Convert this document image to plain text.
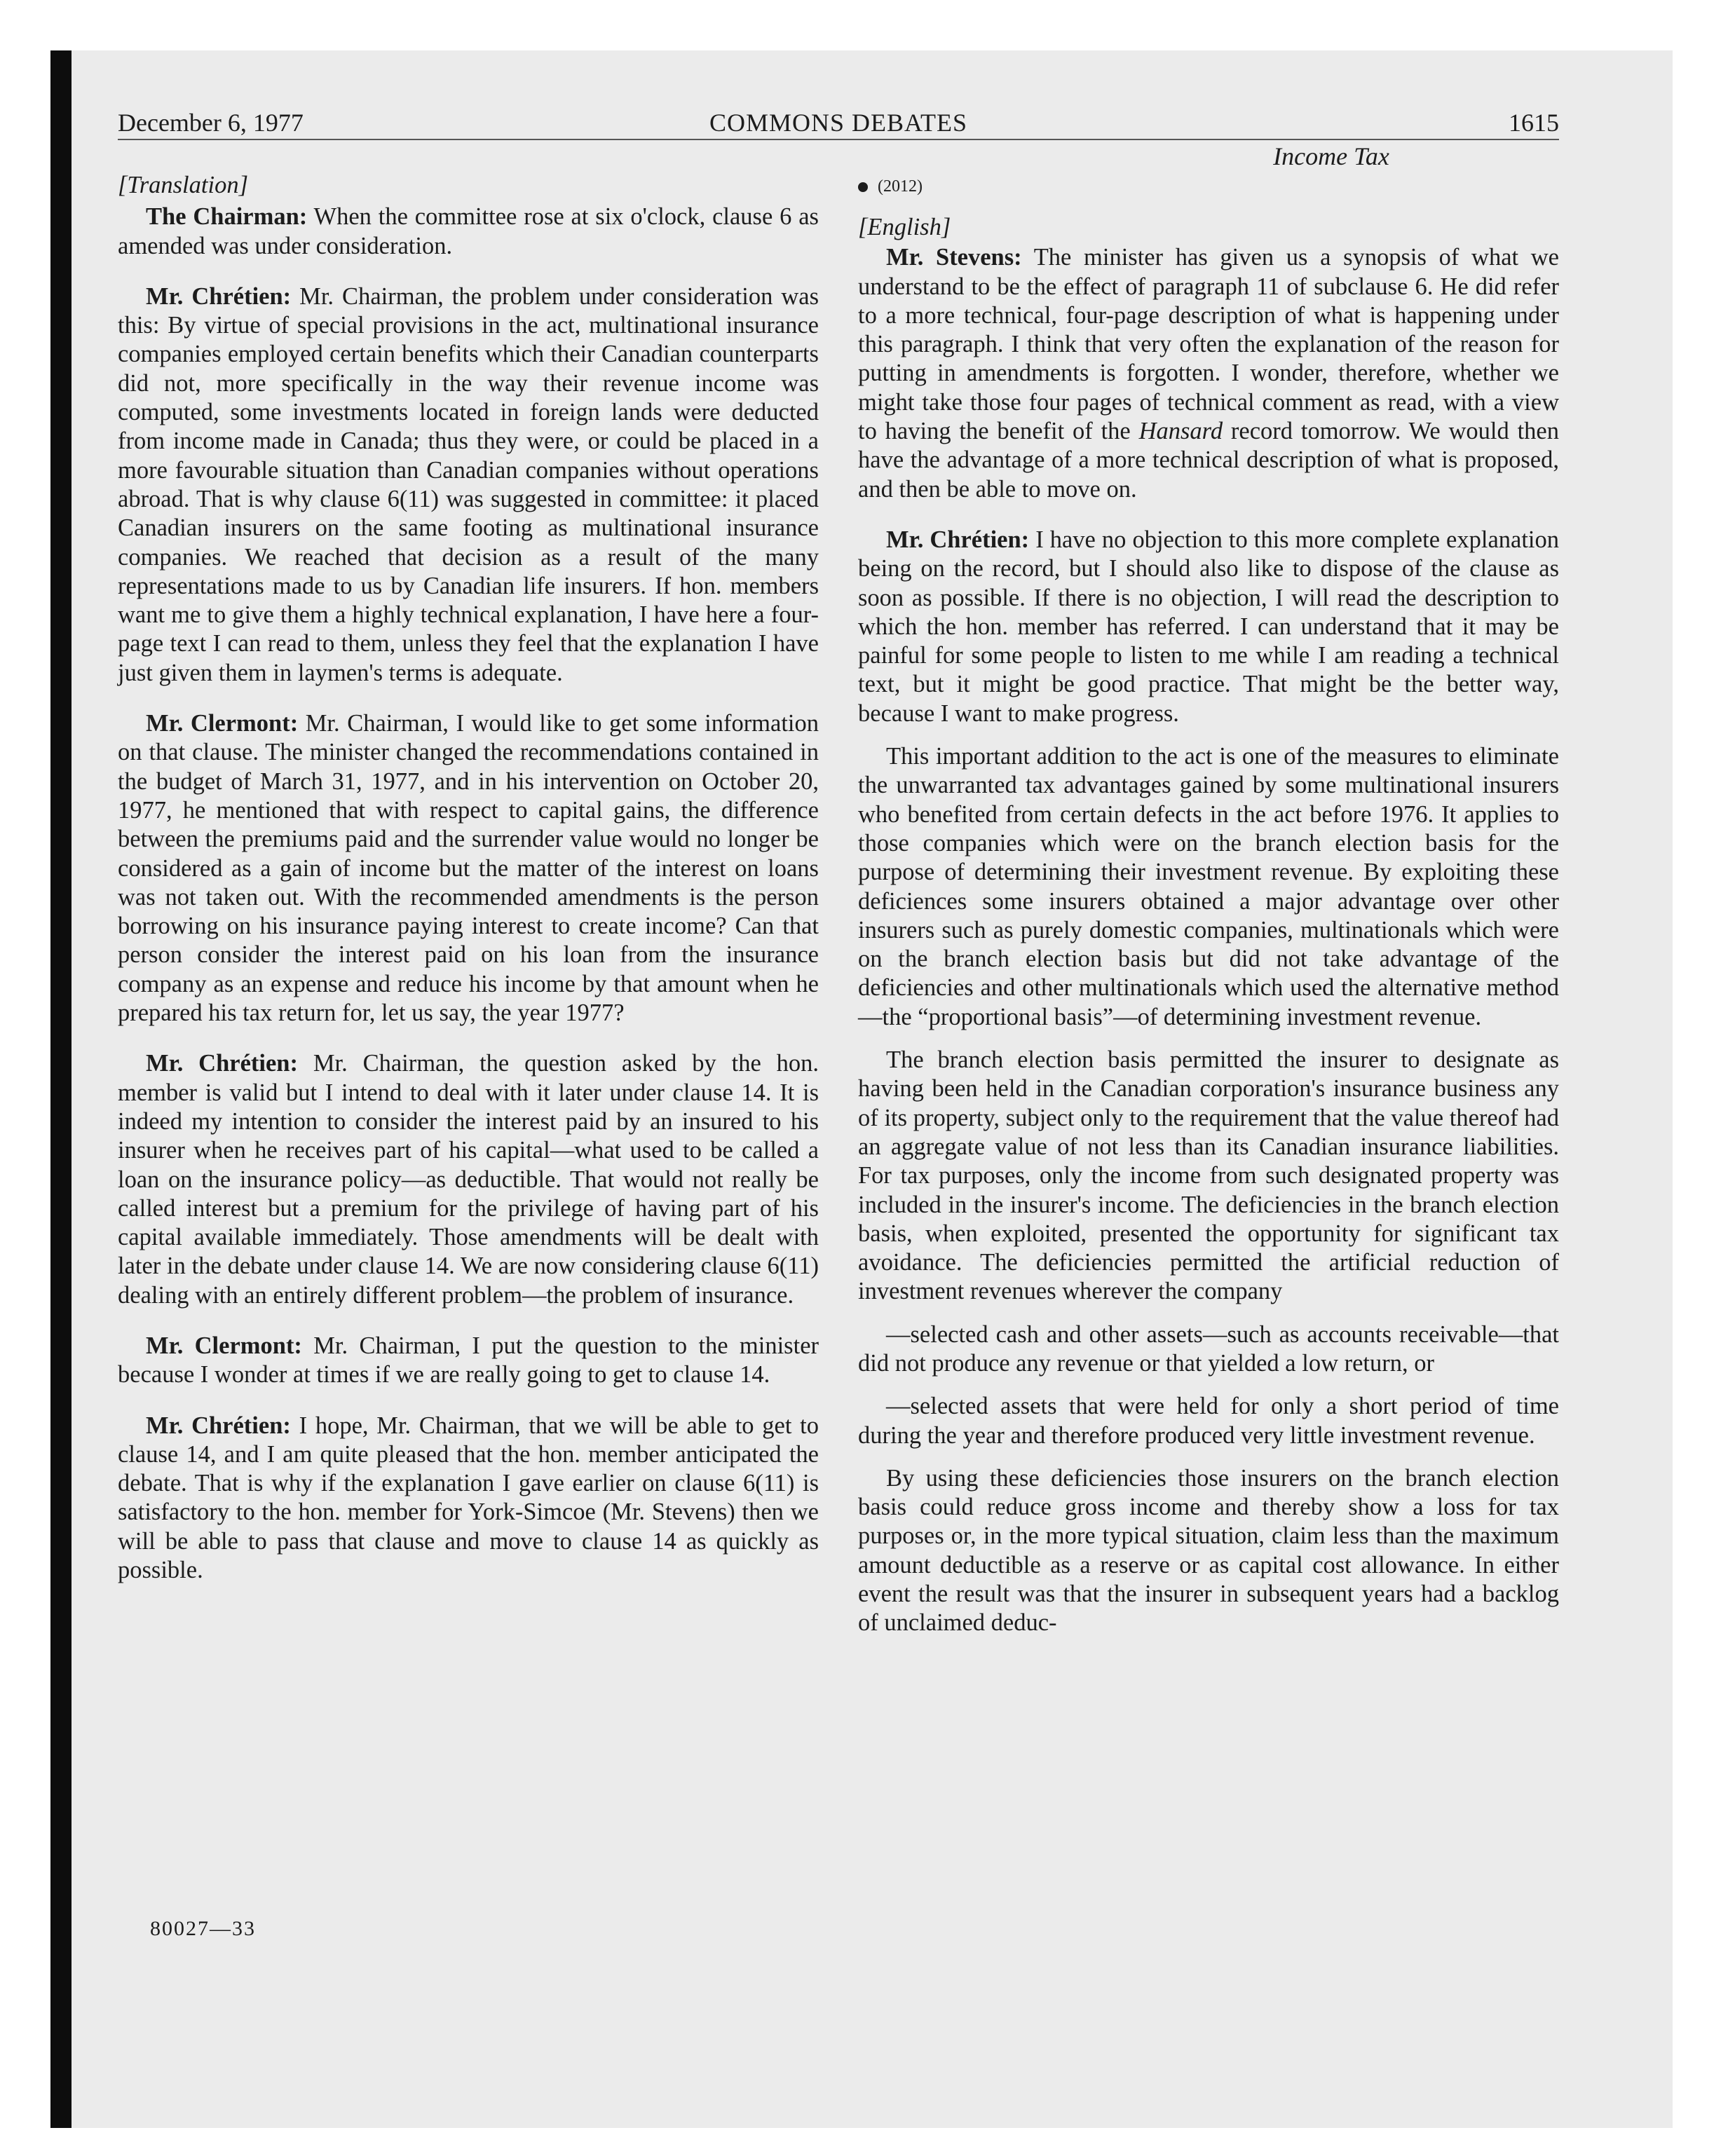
December 6, 1977	COMMONS DEBATES	1615

[Translation]

The Chairman: When the committee rose at six o'clock, clause 6 as amended was under consideration.

Mr. Chrétien: Mr. Chairman, the problem under consideration was this: By virtue of special provisions in the act, multinational insurance companies employed certain benefits which their Canadian counterparts did not, more specifically in the way their revenue income was computed, some investments located in foreign lands were deducted from income made in Canada; thus they were, or could be placed in a more favourable situation than Canadian companies without operations abroad. That is why clause 6(11) was suggested in committee: it placed Canadian insurers on the same footing as multinational insurance companies. We reached that decision as a result of the many representations made to us by Canadian life insurers. If hon. members want me to give them a highly technical explanation, I have here a four-page text I can read to them, unless they feel that the explanation I have just given them in laymen's terms is adequate.

Mr. Clermont: Mr. Chairman, I would like to get some information on that clause. The minister changed the recommendations contained in the budget of March 31, 1977, and in his intervention on October 20, 1977, he mentioned that with respect to capital gains, the difference between the premiums paid and the surrender value would no longer be considered as a gain of income but the matter of the interest on loans was not taken out. With the recommended amendments is the person borrowing on his insurance paying interest to create income? Can that person consider the interest paid on his loan from the insurance company as an expense and reduce his income by that amount when he prepared his tax return for, let us say, the year 1977?

Mr. Chrétien: Mr. Chairman, the question asked by the hon. member is valid but I intend to deal with it later under clause 14. It is indeed my intention to consider the interest paid by an insured to his insurer when he receives part of his capital—what used to be called a loan on the insurance policy—as deductible. That would not really be called interest but a premium for the privilege of having part of his capital available immediately. Those amendments will be dealt with later in the debate under clause 14. We are now considering clause 6(11) dealing with an entirely different problem—the problem of insurance.

Mr. Clermont: Mr. Chairman, I put the question to the minister because I wonder at times if we are really going to get to clause 14.

Mr. Chrétien: I hope, Mr. Chairman, that we will be able to get to clause 14, and I am quite pleased that the hon. member anticipated the debate. That is why if the explanation I gave earlier on clause 6(11) is satisfactory to the hon. member for York-Simcoe (Mr. Stevens) then we will be able to pass that clause and move to clause 14 as quickly as possible.

Income Tax

(2012)

[English]

Mr. Stevens: The minister has given us a synopsis of what we understand to be the effect of paragraph 11 of subclause 6. He did refer to a more technical, four-page description of what is happening under this paragraph. I think that very often the explanation of the reason for putting in amendments is forgotten. I wonder, therefore, whether we might take those four pages of technical comment as read, with a view to having the benefit of the Hansard record tomorrow. We would then have the advantage of a more technical description of what is proposed, and then be able to move on.

Mr. Chrétien: I have no objection to this more complete explanation being on the record, but I should also like to dispose of the clause as soon as possible. If there is no objection, I will read the description to which the hon. member has referred. I can understand that it may be painful for some people to listen to me while I am reading a technical text, but it might be good practice. That might be the better way, because I want to make progress.

This important addition to the act is one of the measures to eliminate the unwarranted tax advantages gained by some multinational insurers who benefited from certain defects in the act before 1976. It applies to those companies which were on the branch election basis for the purpose of determining their investment revenue. By exploiting these deficiences some insurers obtained a major advantage over other insurers such as purely domestic companies, multinationals which were on the branch election basis but did not take advantage of the deficiencies and other multinationals which used the alternative method—the “proportional basis”—of determining investment revenue.

The branch election basis permitted the insurer to designate as having been held in the Canadian corporation's insurance business any of its property, subject only to the requirement that the value thereof had an aggregate value of not less than its Canadian insurance liabilities. For tax purposes, only the income from such designated property was included in the insurer's income. The deficiencies in the branch election basis, when exploited, presented the opportunity for significant tax avoidance. The deficiencies permitted the artificial reduction of investment revenues wherever the company

—selected cash and other assets—such as accounts receivable—that did not produce any revenue or that yielded a low return, or

—selected assets that were held for only a short period of time during the year and therefore produced very little investment revenue.

By using these deficiencies those insurers on the branch election basis could reduce gross income and thereby show a loss for tax purposes or, in the more typical situation, claim less than the maximum amount deductible as a reserve or as capital cost allowance. In either event the result was that the insurer in subsequent years had a backlog of unclaimed deduc-

80027—33
